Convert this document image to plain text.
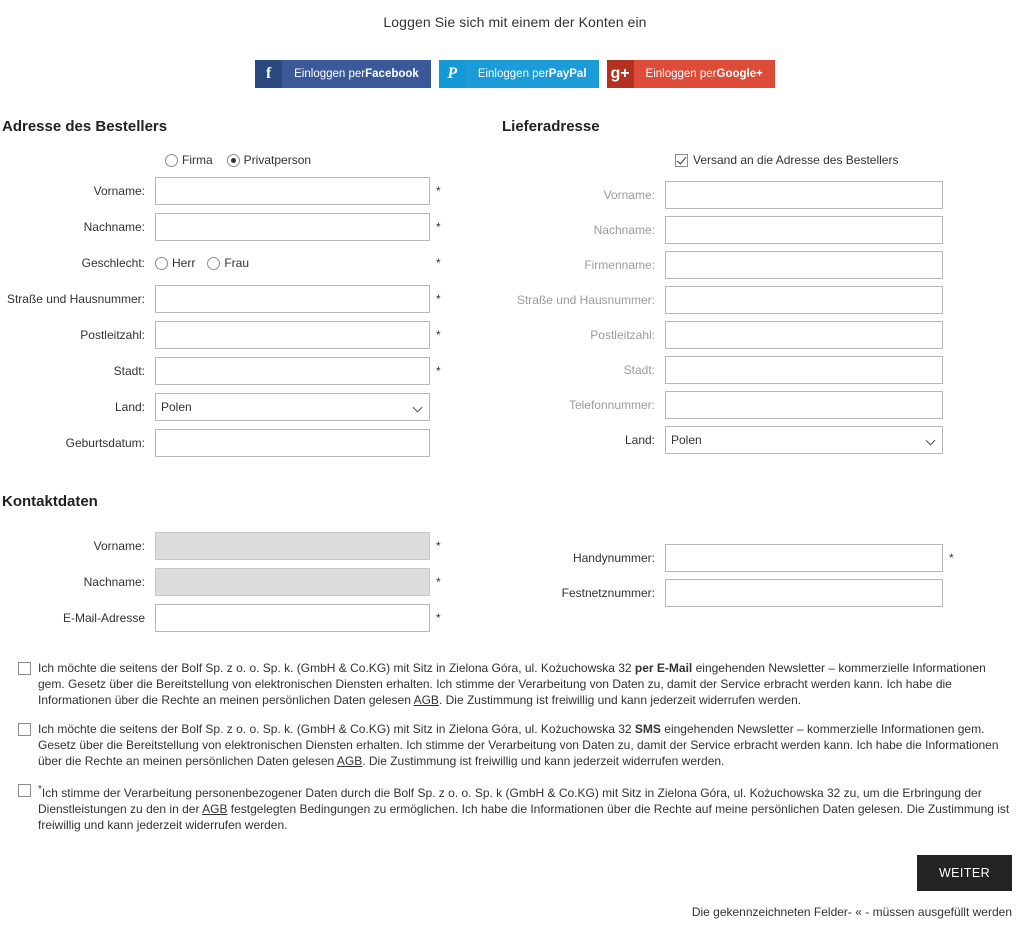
Loggen Sie sich mit einem der Konten ein
f	Einloggen per Facebook	P	Einloggen per PayPal g+	Einloggen per Google+
Adresse des Bestellers
Firma	Privatperson
Vorname:	*
Nachname:	*
Geschlecht:	Herr Frau	*
Straße und Hausnummer:	*
Postleitzahl:	*
Stadt:	*
Land:
Polen
Geburtsdatum:
Kontaktdaten
Vorname:	*
Nachname:	*
E-Mail-Adresse	*
Lieferadresse
Versand an die Adresse des Bestellers
Vorname:
Nachname:
Firmenname:
Straße und Hausnummer:
Postleitzahl:
Stadt:
Telefonnummer:
Land:
Polen
Handynummer:	*
Festnetznummer:

Ich möchte die seitens der Bolf Sp. z o. o. Sp. k. (GmbH & Co.KG) mit Sitz in Zielona Góra, ul. Kożuchowska 32 per E-Mail eingehenden Newsletter – kommerzielle Informationen gem. Gesetz über die Bereitstellung von elektronischen Diensten erhalten. Ich stimme der Verarbeitung von Daten zu, damit der Service erbracht werden kann. Ich habe die Informationen über die Rechte an meinen persönlichen Daten gelesen AGB. Die Zustimmung ist freiwillig und kann jederzeit widerrufen werden.

Ich möchte die seitens der Bolf Sp. z o. o. Sp. k. (GmbH & Co.KG) mit Sitz in Zielona Góra, ul. Kożuchowska 32 SMS eingehenden Newsletter – kommerzielle Informationen gem. Gesetz über die Bereitstellung von elektronischen Diensten erhalten. Ich stimme der Verarbeitung von Daten zu, damit der Service erbracht werden kann. Ich habe die Informationen über die Rechte an meinen persönlichen Daten gelesen AGB. Die Zustimmung ist freiwillig und kann jederzeit widerrufen werden.

*Ich stimme der Verarbeitung personenbezogener Daten durch die Bolf Sp. z o. o. Sp. k (GmbH & Co.KG) mit Sitz in Zielona Góra, ul. Kożuchowska 32 zu, um die Erbringung der Dienstleistungen zu den in der AGB festgelegten Bedingungen zu ermöglichen. Ich habe die Informationen über die Rechte auf meine persönlichen Daten gelesen. Die Zustimmung ist freiwillig und kann jederzeit widerrufen werden.

WEITER
Die gekennzeichneten Felder- « - müssen ausgefüllt werden
